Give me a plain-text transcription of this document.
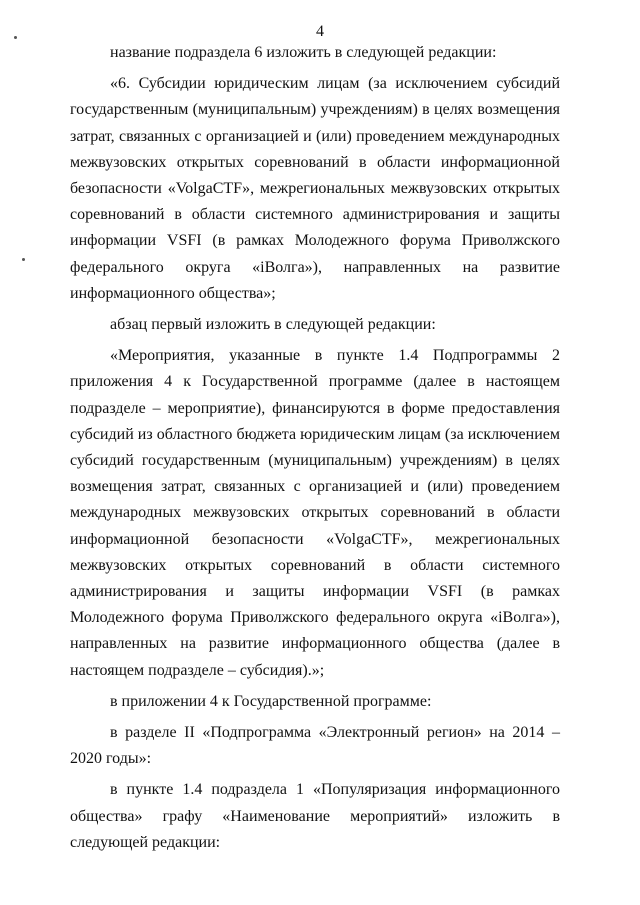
4

название подраздела 6 изложить в следующей редакции:

«6. Субсидии юридическим лицам (за исключением субсидий государственным (муниципальным) учреждениям) в целях возмещения затрат, связанных с организацией и (или) проведением международных межвузовских открытых соревнований в области информационной безопасности «VolgaCTF», межрегиональных межвузовских открытых соревнований в области системного администрирования и защиты информации VSFI (в рамках Молодежного форума Приволжского федерального округа «iВолга»), направленных на развитие информационного общества»;

абзац первый изложить в следующей редакции:

«Мероприятия, указанные в пункте 1.4 Подпрограммы 2 приложения 4 к Государственной программе (далее в настоящем подразделе – мероприятие), финансируются в форме предоставления субсидий из областного бюджета юридическим лицам (за исключением субсидий государственным (муниципальным) учреждениям) в целях возмещения затрат, связанных с организацией и (или) проведением международных межвузовских открытых соревнований в области информационной безопасности «VolgaCTF», межрегиональных межвузовских открытых соревнований в области системного администрирования и защиты информации VSFI (в рамках Молодежного форума Приволжского федерального округа «iВолга»), направленных на развитие информационного общества (далее в настоящем подразделе – субсидия).»;

в приложении 4 к Государственной программе:

в разделе II «Подпрограмма «Электронный регион» на 2014 – 2020 годы»:

в пункте 1.4 подраздела 1 «Популяризация информационного общества» графу «Наименование мероприятий» изложить в следующей редакции:
